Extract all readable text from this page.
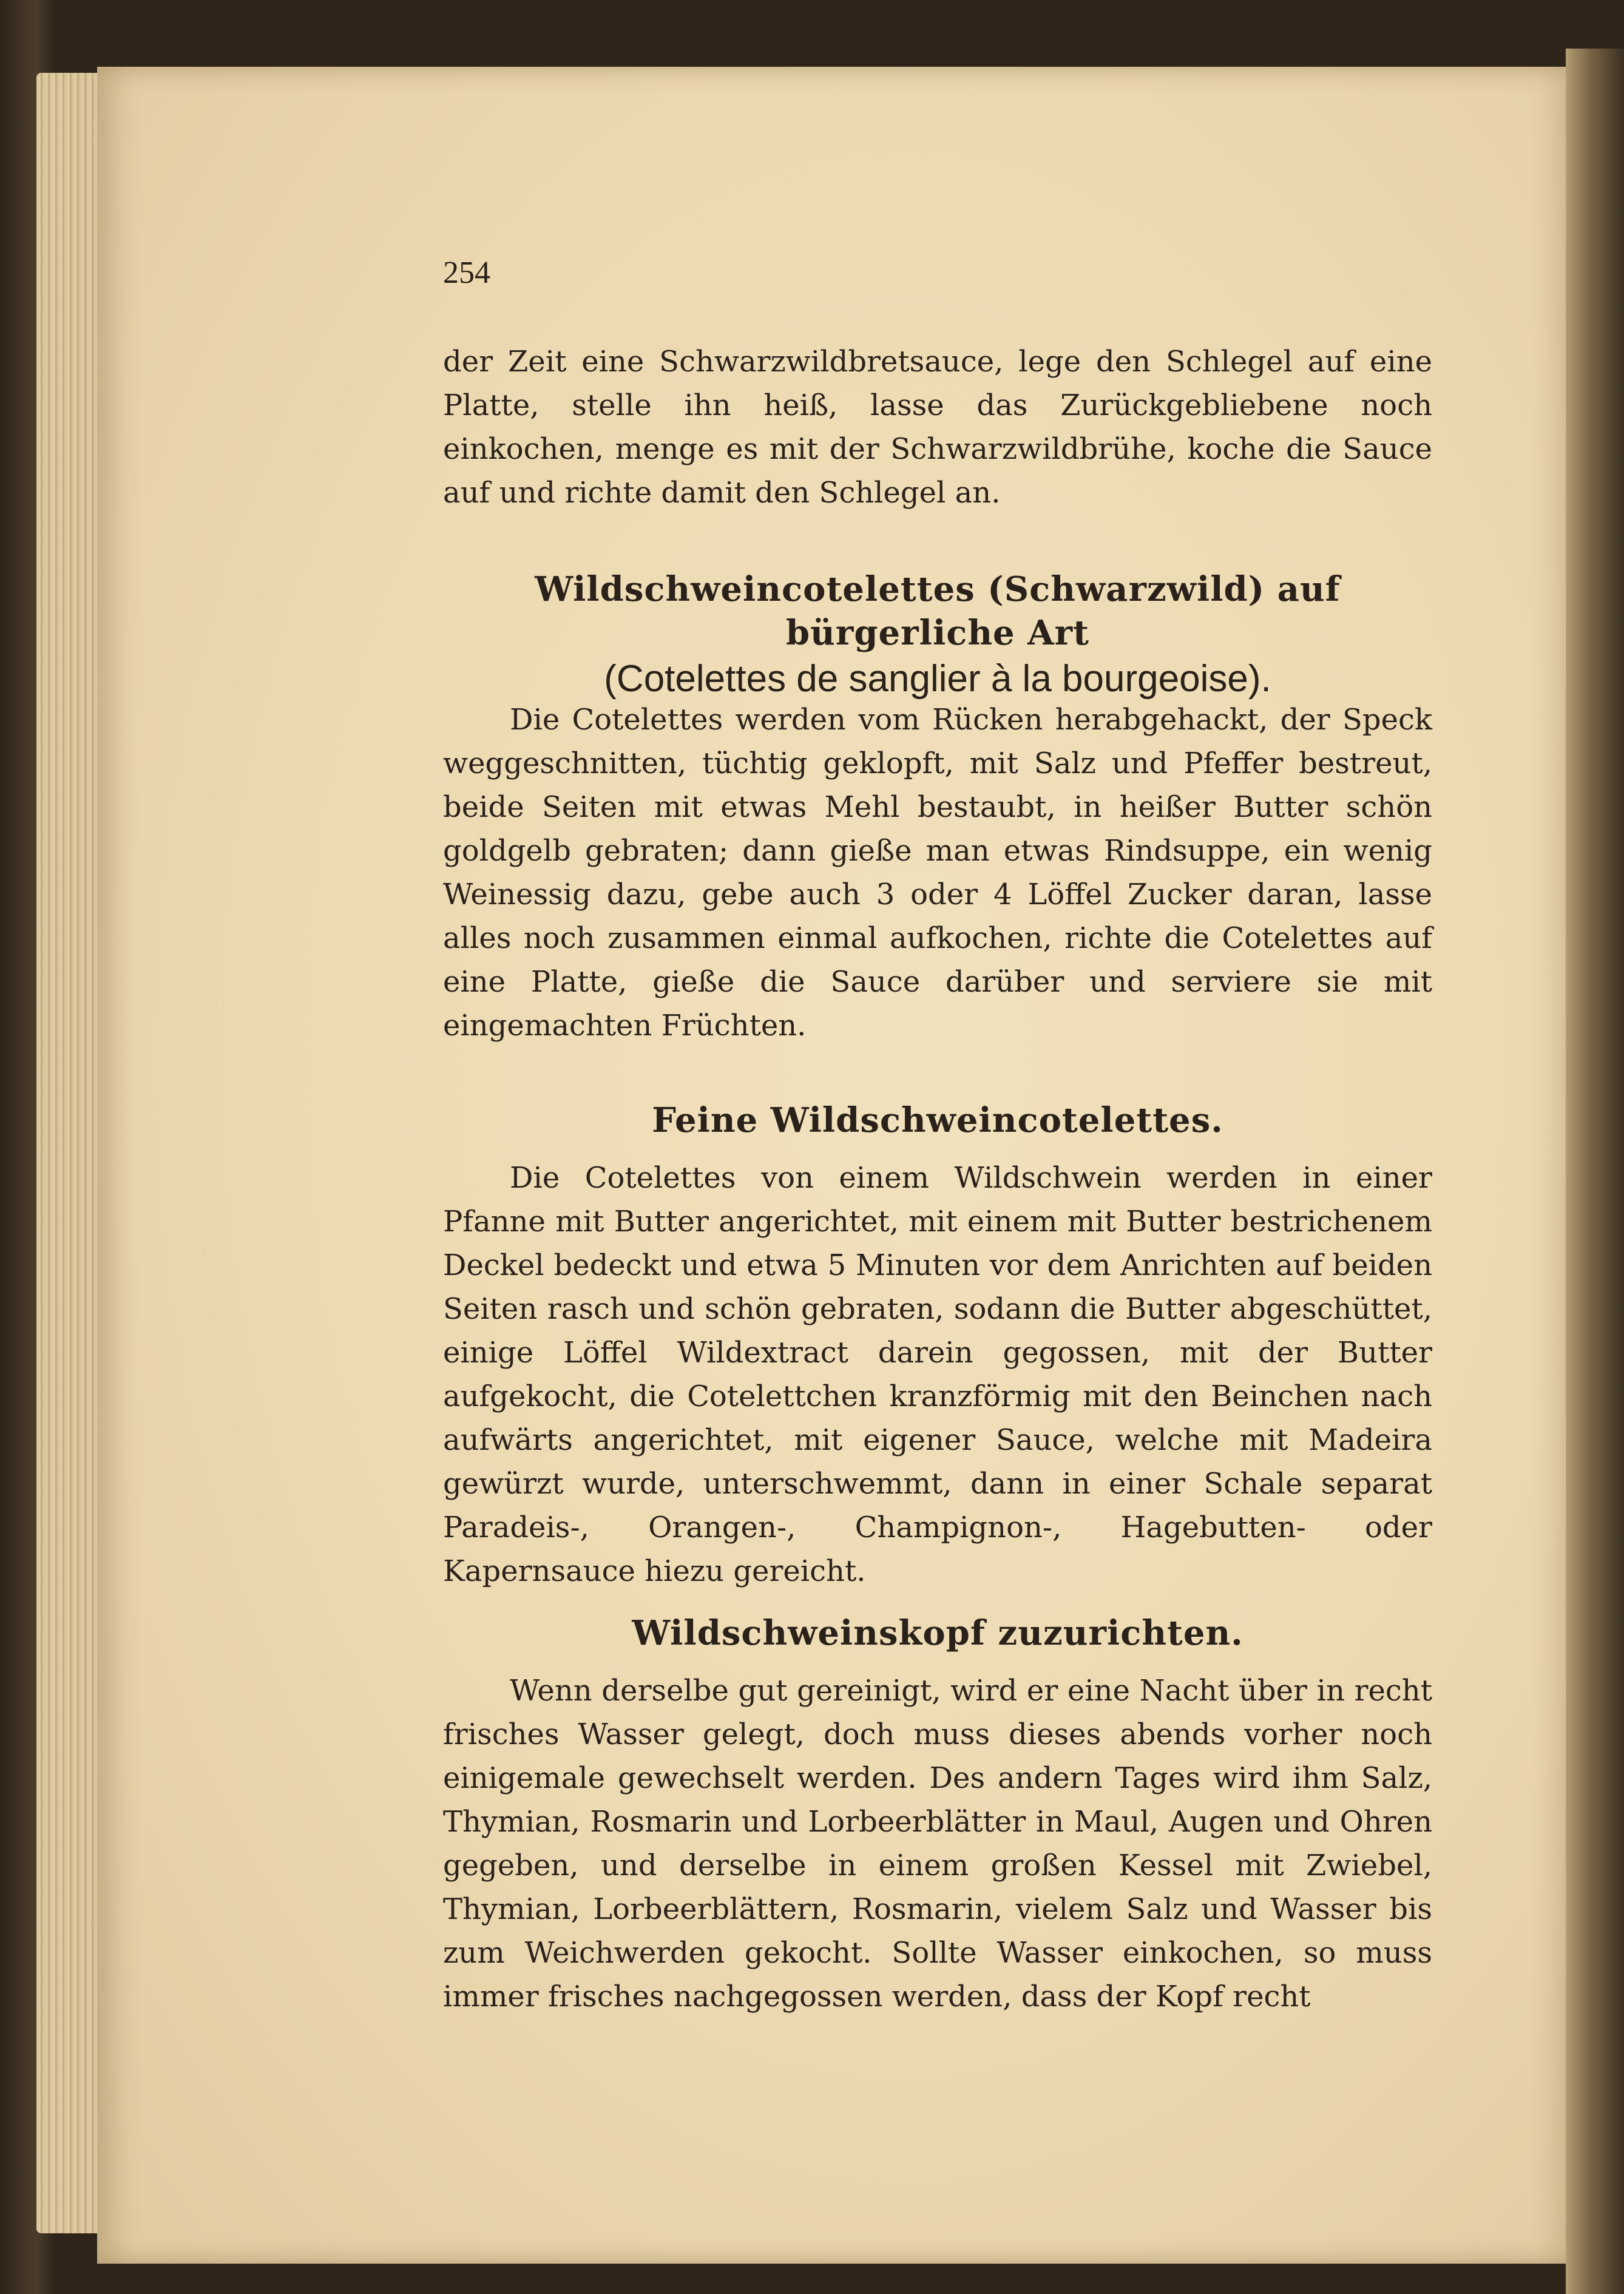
254

der Zeit eine Schwarzwildbretsauce, lege den Schlegel auf eine Platte, stelle ihn heiß, lasse das Zurückgebliebene noch einkochen, menge es mit der Schwarzwildbrühe, koche die Sauce auf und richte damit den Schlegel an.

Wildschweincotelettes (Schwarzwild) auf bürgerliche Art

(Cotelettes de sanglier à la bourgeoise).

Die Cotelettes werden vom Rücken herabgehackt, der Speck weggeschnitten, tüchtig geklopft, mit Salz und Pfeffer bestreut, beide Seiten mit etwas Mehl bestaubt, in heißer Butter schön goldgelb gebraten; dann gieße man etwas Rindsuppe, ein wenig Weinessig dazu, gebe auch 3 oder 4 Löffel Zucker daran, lasse alles noch zusammen einmal aufkochen, richte die Cotelettes auf eine Platte, gieße die Sauce darüber und serviere sie mit eingemachten Früchten.

Feine Wildschweincotelettes.

Die Cotelettes von einem Wildschwein werden in einer Pfanne mit Butter angerichtet, mit einem mit Butter bestrichenem Deckel bedeckt und etwa 5 Minuten vor dem Anrichten auf beiden Seiten rasch und schön gebraten, sodann die Butter abgeschüttet, einige Löffel Wildextract darein gegossen, mit der Butter aufgekocht, die Cotelettchen kranzförmig mit den Beinchen nach aufwärts angerichtet, mit eigener Sauce, welche mit Madeira gewürzt wurde, unterschwemmt, dann in einer Schale separat Paradeis-, Orangen-, Champignon-, Hagebutten- oder Kapernsauce hiezu gereicht.

Wildschweinskopf zuzurichten.

Wenn derselbe gut gereinigt, wird er eine Nacht über in recht frisches Wasser gelegt, doch muss dieses abends vorher noch einigemale gewechselt werden. Des andern Tages wird ihm Salz, Thymian, Rosmarin und Lorbeerblätter in Maul, Augen und Ohren gegeben, und derselbe in einem großen Kessel mit Zwiebel, Thymian, Lorbeerblättern, Rosmarin, vielem Salz und Wasser bis zum Weichwerden gekocht. Sollte Wasser einkochen, so muss immer frisches nachgegossen werden, dass der Kopf recht
